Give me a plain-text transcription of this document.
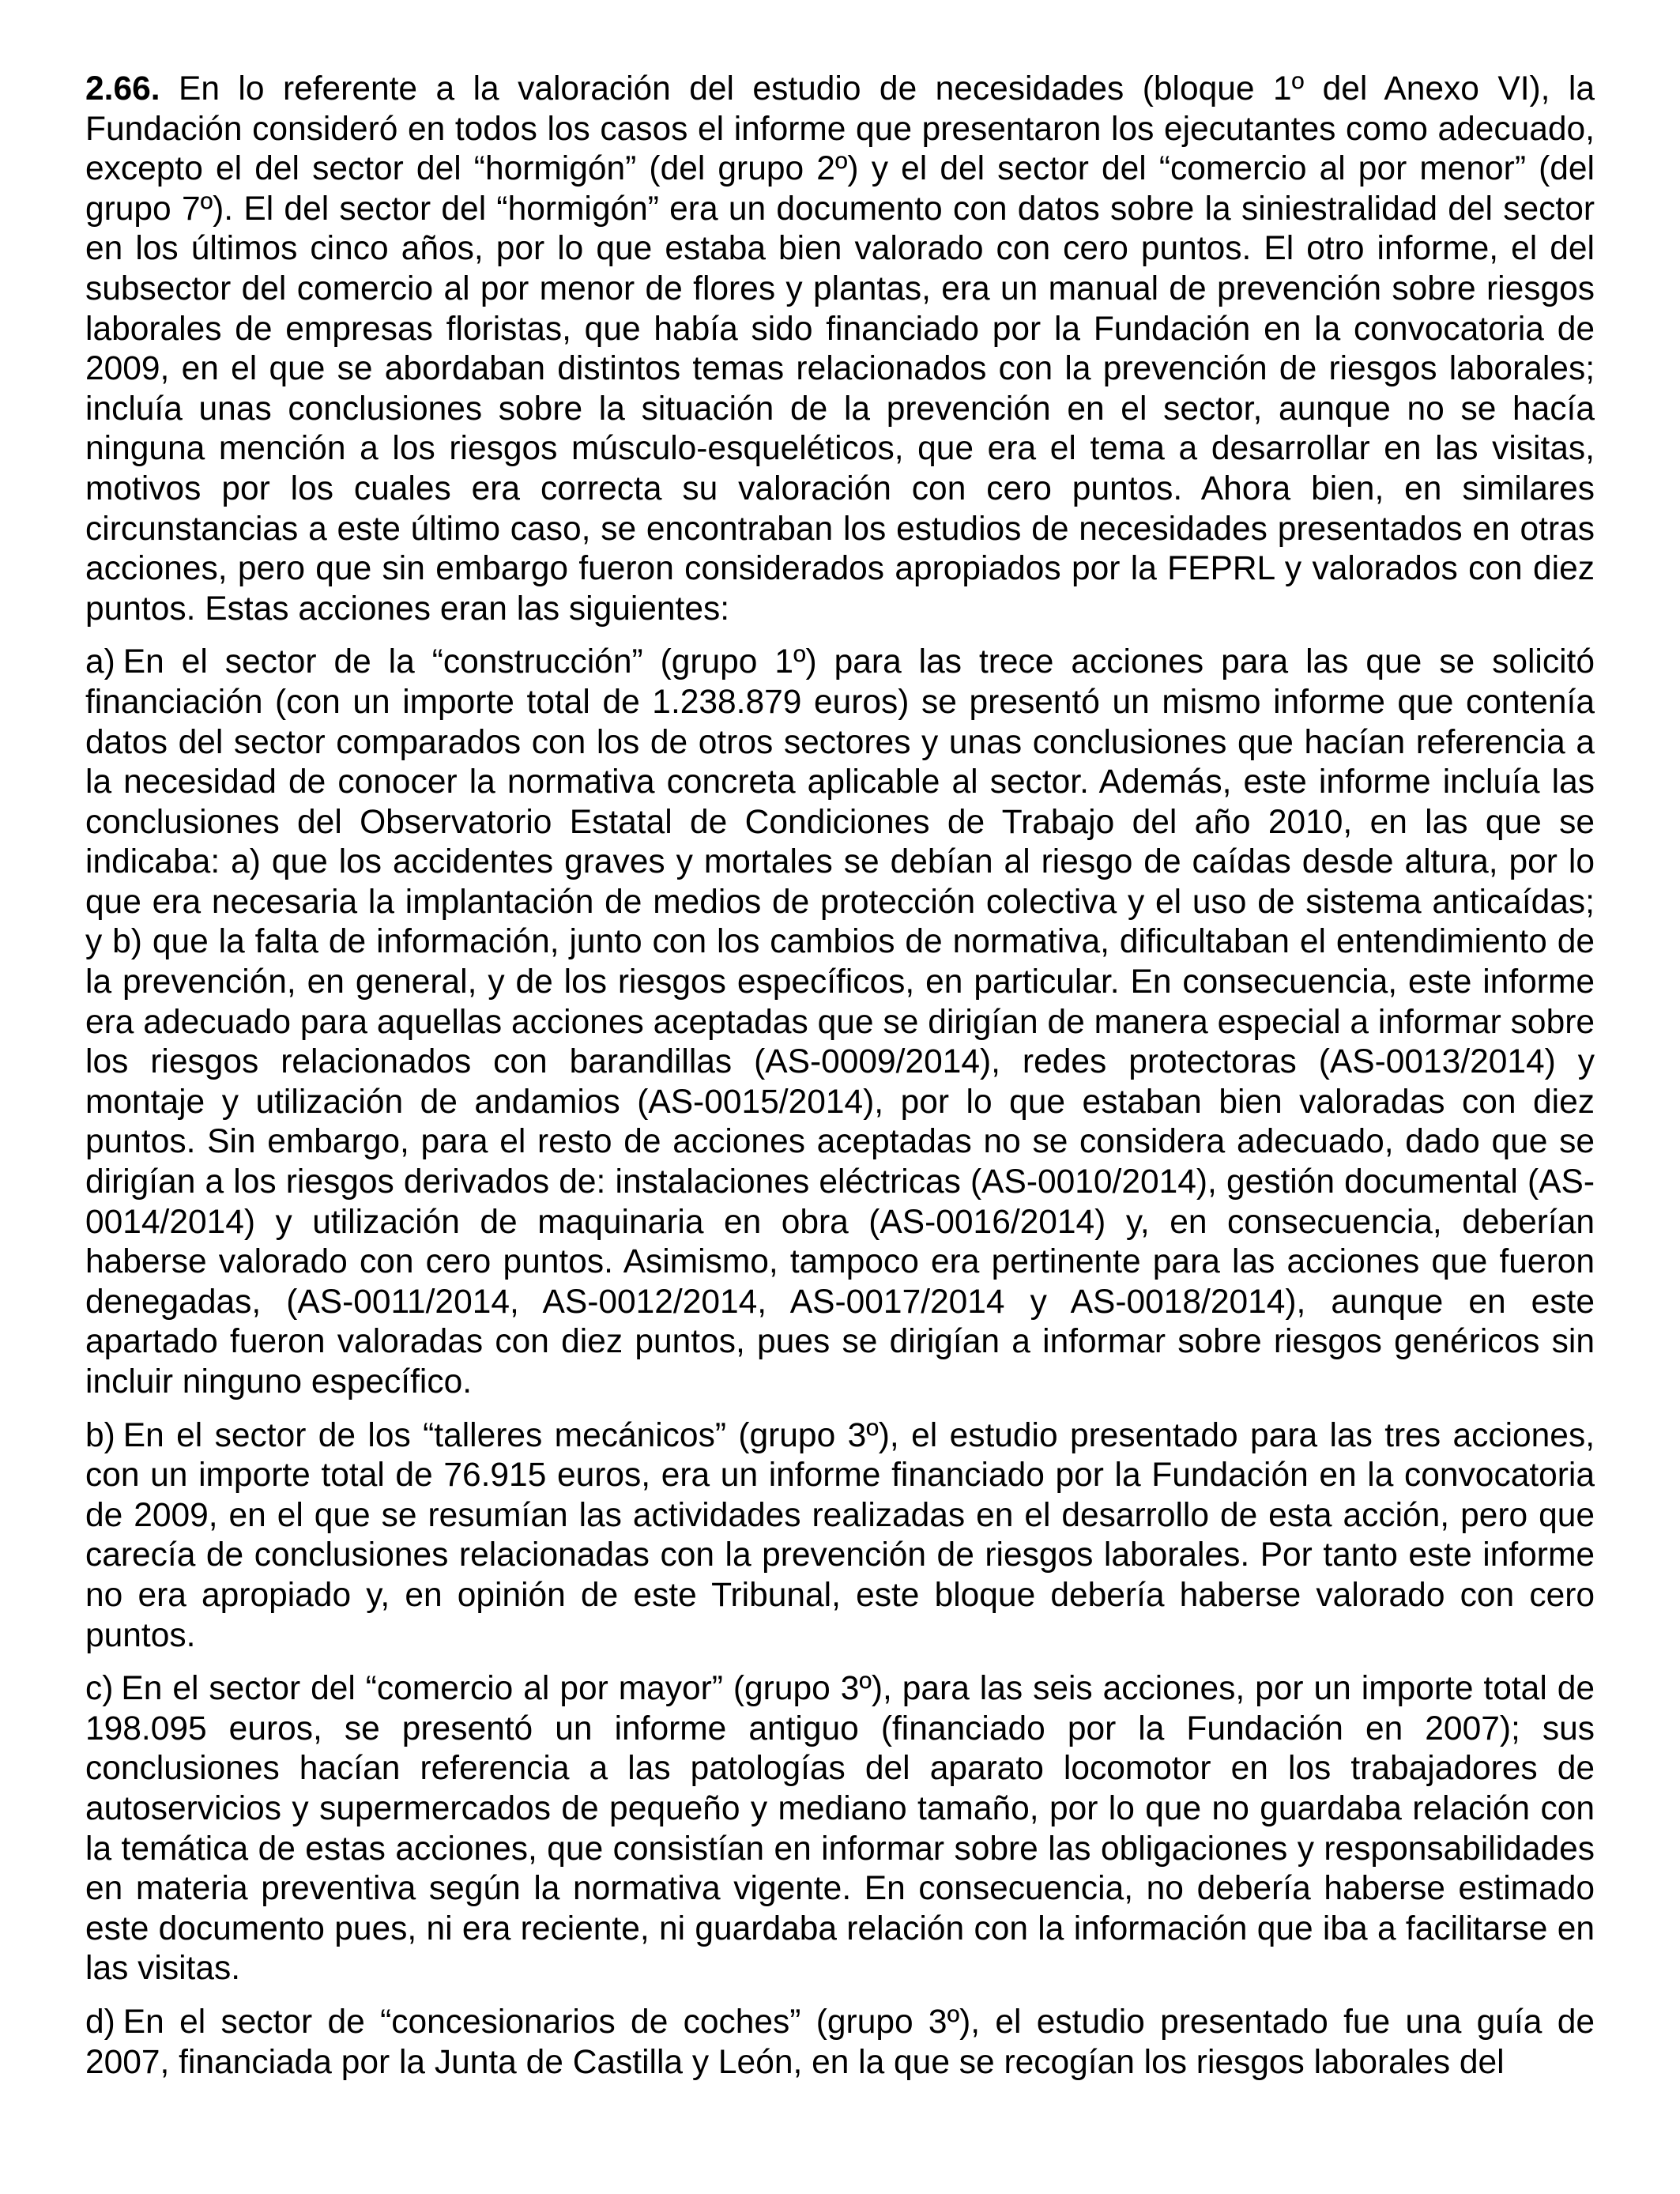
2.66. En lo referente a la valoración del estudio de necesidades (bloque 1º del Anexo VI), la Fundación consideró en todos los casos el informe que presentaron los ejecutantes como adecuado, excepto el del sector del “hormigón” (del grupo 2º) y el del sector del “comercio al por menor” (del grupo 7º). El del sector del “hormigón” era un documento con datos sobre la siniestralidad del sector en los últimos cinco años, por lo que estaba bien valorado con cero puntos. El otro informe, el del subsector del comercio al por menor de flores y plantas, era un manual de prevención sobre riesgos laborales de empresas floristas, que había sido financiado por la Fundación en la convocatoria de 2009, en el que se abordaban distintos temas relacionados con la prevención de riesgos laborales; incluía unas conclusiones sobre la situación de la prevención en el sector, aunque no se hacía ninguna mención a los riesgos músculo-esqueléticos, que era el tema a desarrollar en las visitas, motivos por los cuales era correcta su valoración con cero puntos. Ahora bien, en similares circunstancias a este último caso, se encontraban los estudios de necesidades presentados en otras acciones, pero que sin embargo fueron considerados apropiados por la FEPRL y valorados con diez puntos. Estas acciones eran las siguientes:

a) En el sector de la “construcción” (grupo 1º) para las trece acciones para las que se solicitó financiación (con un importe total de 1.238.879 euros) se presentó un mismo informe que contenía datos del sector comparados con los de otros sectores y unas conclusiones que hacían referencia a la necesidad de conocer la normativa concreta aplicable al sector. Además, este informe incluía las conclusiones del Observatorio Estatal de Condiciones de Trabajo del año 2010, en las que se indicaba: a) que los accidentes graves y mortales se debían al riesgo de caídas desde altura, por lo que era necesaria la implantación de medios de protección colectiva y el uso de sistema anticaídas; y b) que la falta de información, junto con los cambios de normativa, dificultaban el entendimiento de la prevención, en general, y de los riesgos específicos, en particular. En consecuencia, este informe era adecuado para aquellas acciones aceptadas que se dirigían de manera especial a informar sobre los riesgos relacionados con barandillas (AS-0009/2014), redes protectoras (AS-0013/2014) y montaje y utilización de andamios (AS-0015/2014), por lo que estaban bien valoradas con diez puntos. Sin embargo, para el resto de acciones aceptadas no se considera adecuado, dado que se dirigían a los riesgos derivados de: instalaciones eléctricas (AS-0010/2014), gestión documental (AS-0014/2014) y utilización de maquinaria en obra (AS-0016/2014) y, en consecuencia, deberían haberse valorado con cero puntos. Asimismo, tampoco era pertinente para las acciones que fueron denegadas, (AS-0011/2014, AS-0012/2014, AS-0017/2014 y AS-0018/2014), aunque en este apartado fueron valoradas con diez puntos, pues se dirigían a informar sobre riesgos genéricos sin incluir ninguno específico.

b) En el sector de los “talleres mecánicos” (grupo 3º), el estudio presentado para las tres acciones, con un importe total de 76.915 euros, era un informe financiado por la Fundación en la convocatoria de 2009, en el que se resumían las actividades realizadas en el desarrollo de esta acción, pero que carecía de conclusiones relacionadas con la prevención de riesgos laborales. Por tanto este informe no era apropiado y, en opinión de este Tribunal, este bloque debería haberse valorado con cero puntos.

c) En el sector del “comercio al por mayor” (grupo 3º), para las seis acciones, por un importe total de 198.095 euros, se presentó un informe antiguo (financiado por la Fundación en 2007); sus conclusiones hacían referencia a las patologías del aparato locomotor en los trabajadores de autoservicios y supermercados de pequeño y mediano tamaño, por lo que no guardaba relación con la temática de estas acciones, que consistían en informar sobre las obligaciones y responsabilidades en materia preventiva según la normativa vigente. En consecuencia, no debería haberse estimado este documento pues, ni era reciente, ni guardaba relación con la información que iba a facilitarse en las visitas.

d) En el sector de “concesionarios de coches” (grupo 3º), el estudio presentado fue una guía de 2007, financiada por la Junta de Castilla y León, en la que se recogían los riesgos laborales del
